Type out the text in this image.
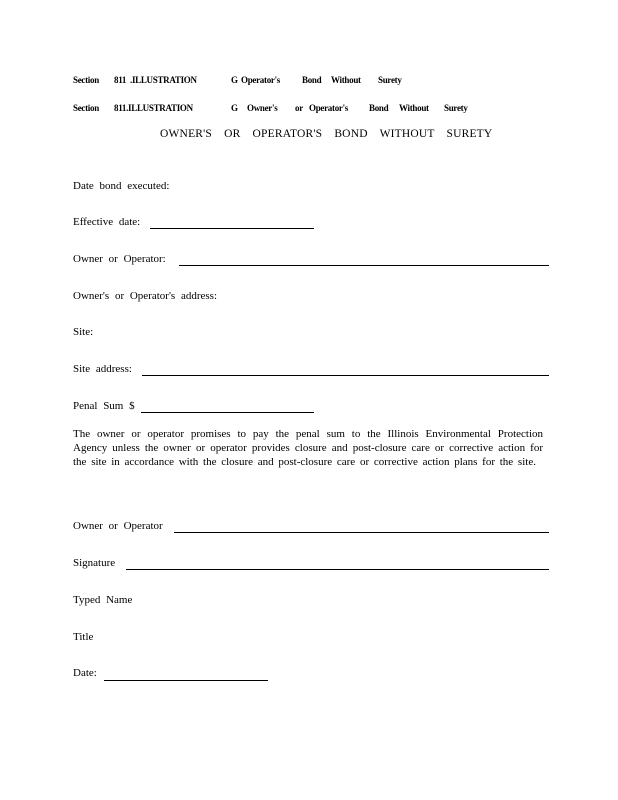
Section 811 .ILLUSTRATION	G Operator's Bond Without Surety
Section 811.ILLUSTRATION	G Owner's or Operator's Bond Without Surety
OWNER'S OR OPERATOR'S BOND WITHOUT SURETY
Date bond executed:
Effective date:
Owner or Operator:
Owner's or Operator's address:
Site:
Site address:
Penal Sum $
The owner or operator promises to pay the penal sum to the Illinois Environmental Protection Agency unless the owner or operator provides closure and post-closure care or corrective action for the site in accordance with the closure and post-closure care or corrective action plans for the site.
Owner or Operator
Signature
Typed Name
Title
Date:
